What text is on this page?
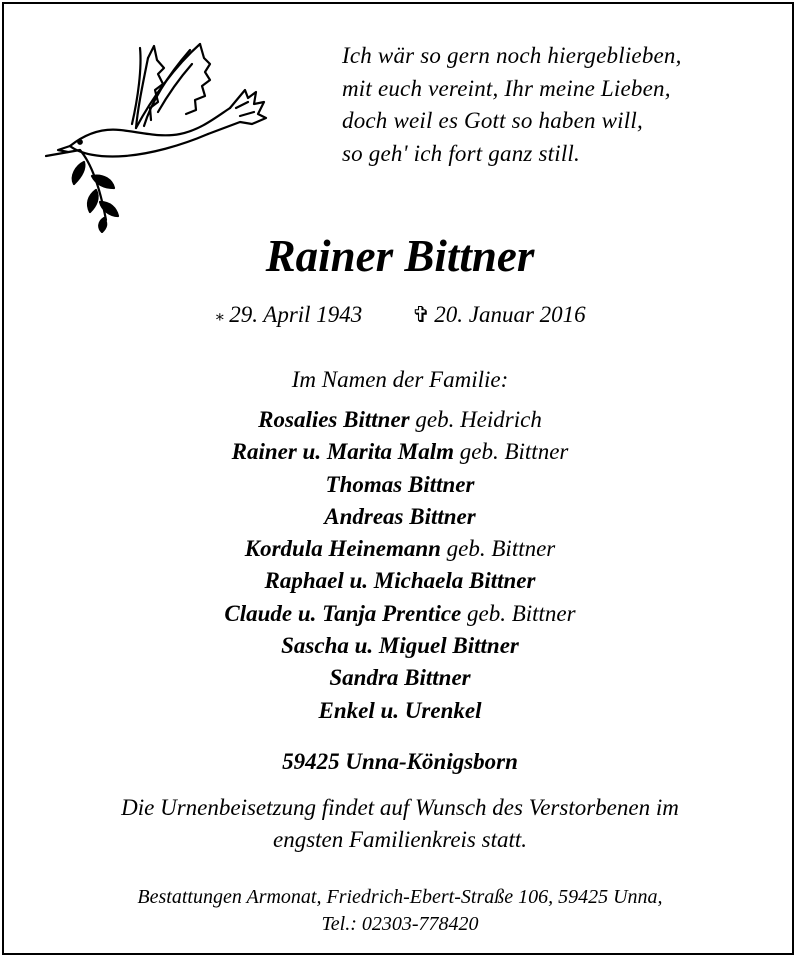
Ich wär so gern noch hiergeblieben,
mit euch vereint, Ihr meine Lieben,
doch weil es Gott so haben will,
so geh' ich fort ganz still.
Rainer Bittner
∗ 29. April 1943 ✞ 20. Januar 2016
Im Namen der Familie:
Rosalies Bittner geb. Heidrich
Rainer u. Marita Malm geb. Bittner
Thomas Bittner
Andreas Bittner
Kordula Heinemann geb. Bittner
Raphael u. Michaela Bittner
Claude u. Tanja Prentice geb. Bittner
Sascha u. Miguel Bittner
Sandra Bittner
Enkel u. Urenkel
59425 Unna-Königsborn
Die Urnenbeisetzung findet auf Wunsch des Verstorbenen im
engsten Familienkreis statt.
Bestattungen Armonat, Friedrich-Ebert-Straße 106, 59425 Unna,
Tel.: 02303-778420
